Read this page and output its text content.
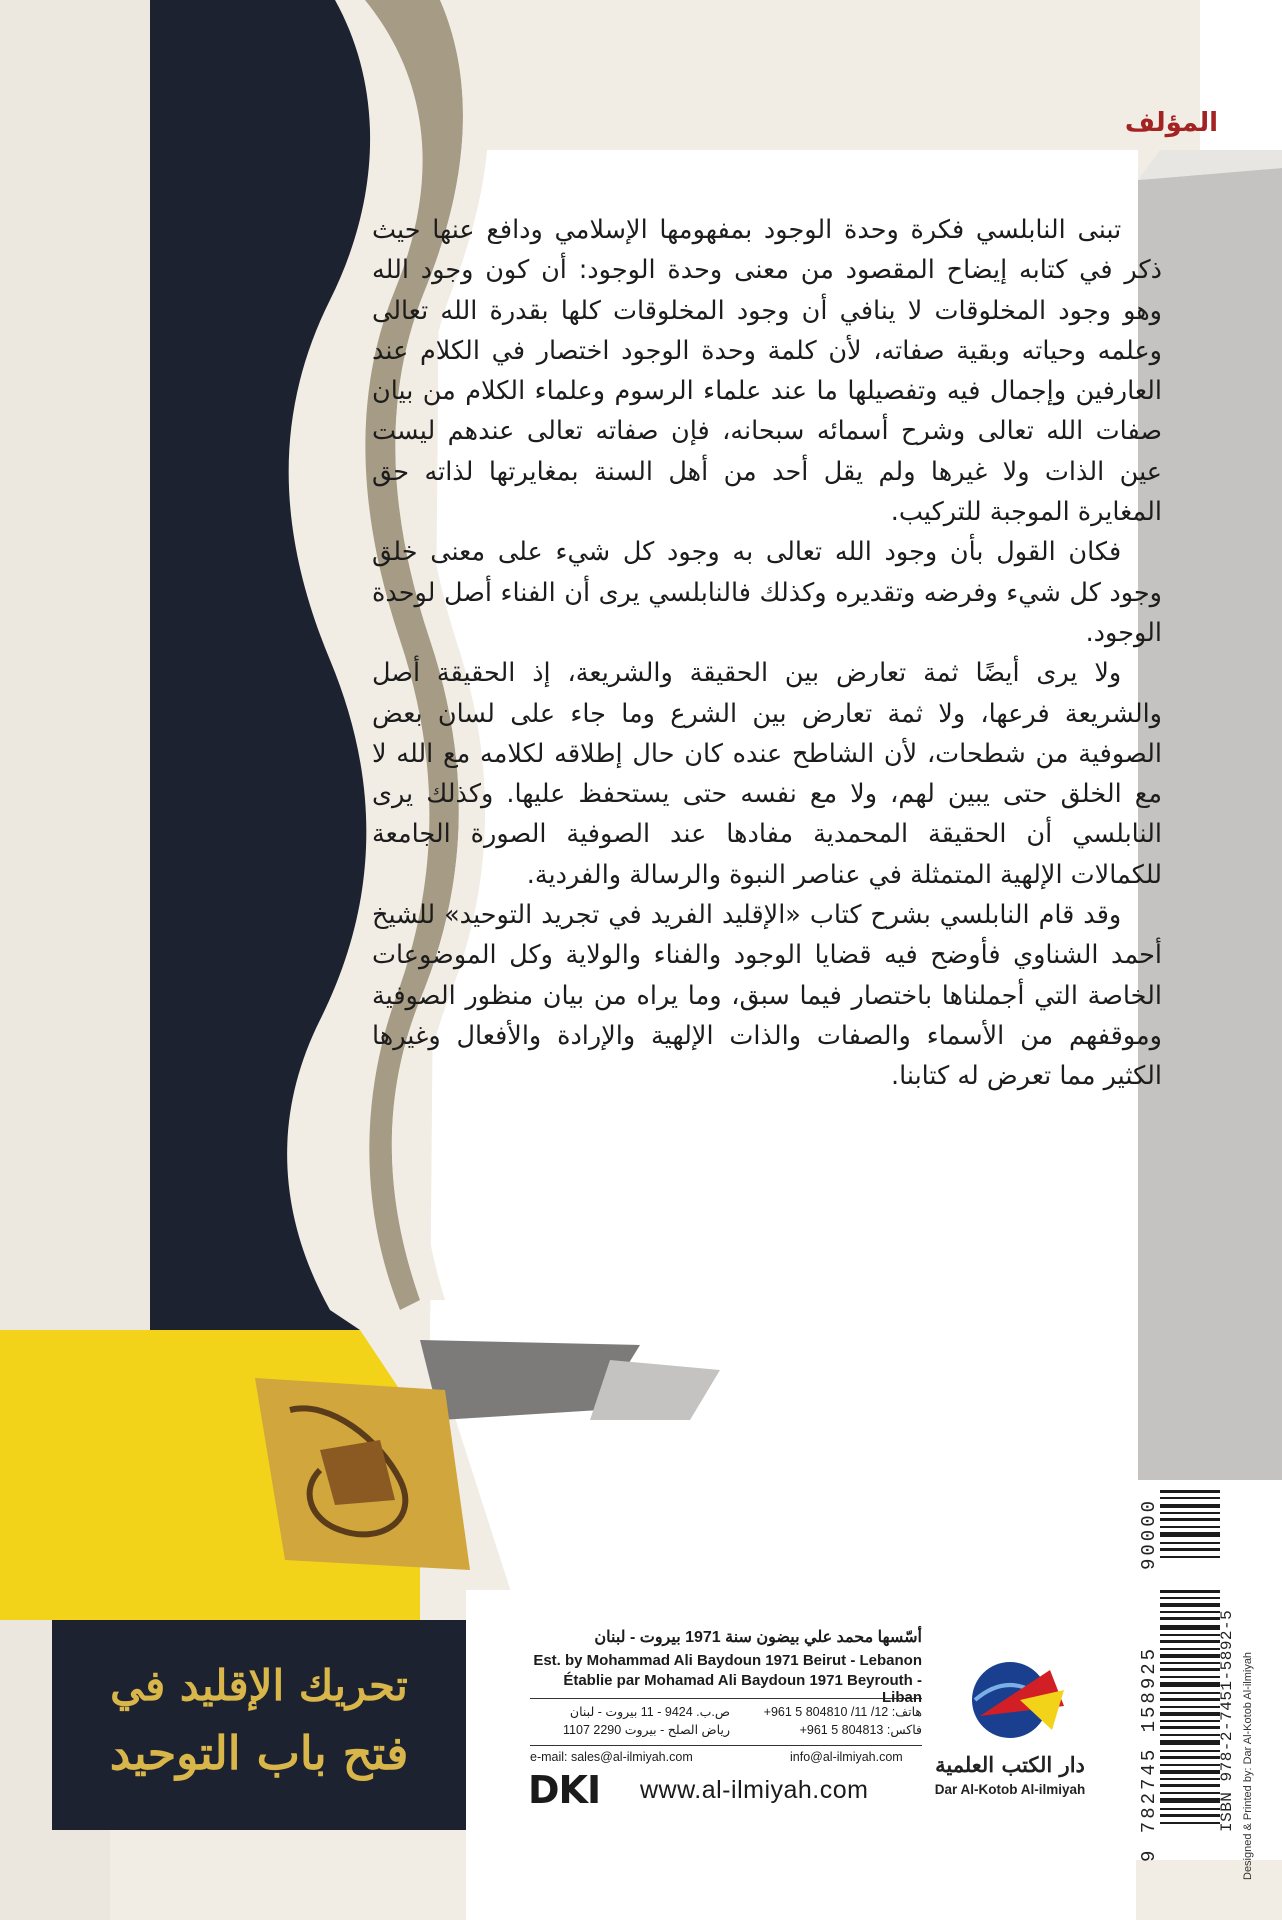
المؤلف

تبنى النابلسي فكرة وحدة الوجود بمفهومها الإسلامي ودافع عنها حيث ذكر في كتابه إيضاح المقصود من معنى وحدة الوجود: أن كون وجود الله وهو وجود المخلوقات لا ينافي أن وجود المخلوقات كلها بقدرة الله تعالى وعلمه وحياته وبقية صفاته، لأن كلمة وحدة الوجود اختصار في الكلام عند العارفين وإجمال فيه وتفصيلها ما عند علماء الرسوم وعلماء الكلام من بيان صفات الله تعالى وشرح أسمائه سبحانه، فإن صفاته تعالى عندهم ليست عين الذات ولا غيرها ولم يقل أحد من أهل السنة بمغايرتها لذاته حق المغايرة الموجبة للتركيب.

فكان القول بأن وجود الله تعالى به وجود كل شيء على معنى خلق وجود كل شيء وفرضه وتقديره وكذلك فالنابلسي يرى أن الفناء أصل لوحدة الوجود.

ولا يرى أيضًا ثمة تعارض بين الحقيقة والشريعة، إذ الحقيقة أصل والشريعة فرعها، ولا ثمة تعارض بين الشرع وما جاء على لسان بعض الصوفية من شطحات، لأن الشاطح عنده كان حال إطلاقه لكلامه مع الله لا مع الخلق حتى يبين لهم، ولا مع نفسه حتى يستحفظ عليها. وكذلك يرى النابلسي أن الحقيقة المحمدية مفادها عند الصوفية الصورة الجامعة للكمالات الإلهية المتمثلة في عناصر النبوة والرسالة والفردية.

وقد قام النابلسي بشرح كتاب «الإقليد الفريد في تجريد التوحيد» للشيخ أحمد الشناوي فأوضح فيه قضايا الوجود والفناء والولاية وكل الموضوعات الخاصة التي أجملناها باختصار فيما سبق، وما يراه من بيان منظور الصوفية وموقفهم من الأسماء والصفات والذات الإلهية والإرادة والأفعال وغيرها الكثير مما تعرض له كتابنا.

تحريك الإقليد في
فتح باب التوحيد
أسّسها محمد علي بيضون سنة 1971 بيروت - لبنان
Est. by Mohammad Ali Baydoun 1971 Beirut - Lebanon
Établie par Mohamad Ali Baydoun 1971 Beyrouth - Liban
هاتف: 12/ 11/ 804810 5 961+
فاكس: 804813 5 961+
ص.ب. 9424 - 11 بيروت - لبنان
رياض الصلح - بيروت 2290 1107
e-mail: sales@al-ilmiyah.com	info@al-ilmiyah.com
DKI www.al-ilmiyah.com
دار الكتب العلمية
Dar Al-Kotob Al-ilmiyah	ISBN 978-2-7451-5892-5
9 782745 158925
90000
Designed & Printed by: Dar Al-Kotob Al-ilmiyah
